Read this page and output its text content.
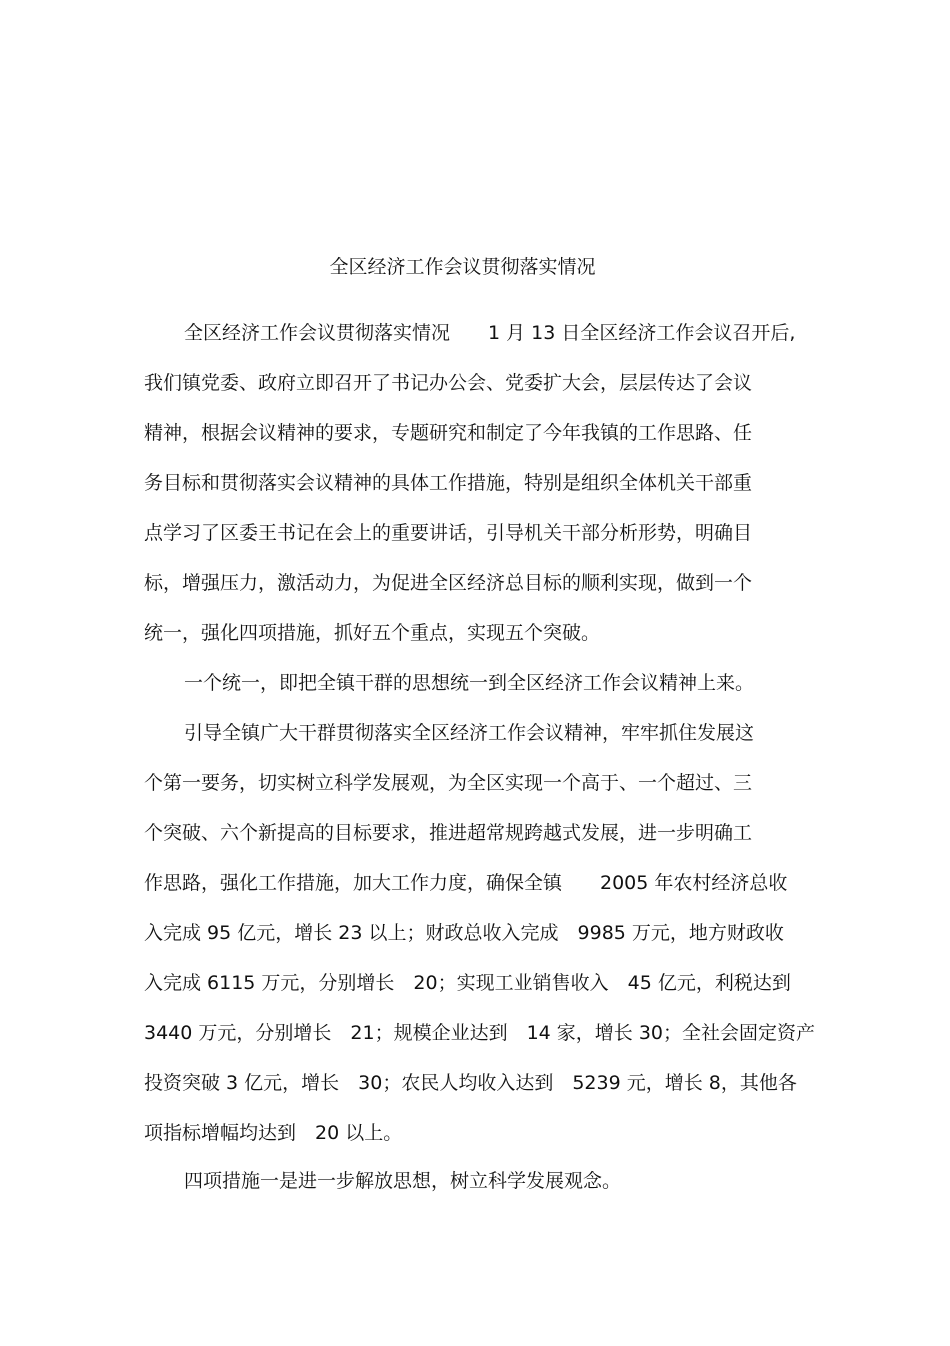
全区经济工作会议贯彻落实情况
全区经济工作会议贯彻落实情况　　1 月 13 日全区经济工作会议召开后,
我们镇党委、政府立即召开了书记办公会、党委扩大会，层层传达了会议
精神，根据会议精神的要求，专题研究和制定了今年我镇的工作思路、任
务目标和贯彻落实会议精神的具体工作措施，特别是组织全体机关干部重
点学习了区委王书记在会上的重要讲话，引导机关干部分析形势，明确目
标，增强压力，激活动力，为促进全区经济总目标的顺利实现，做到一个
统一，强化四项措施，抓好五个重点，实现五个突破。
一个统一，即把全镇干群的思想统一到全区经济工作会议精神上来。
引导全镇广大干群贯彻落实全区经济工作会议精神，牢牢抓住发展这
个第一要务，切实树立科学发展观，为全区实现一个高于、一个超过、三
个突破、六个新提高的目标要求，推进超常规跨越式发展，进一步明确工
作思路，强化工作措施，加大工作力度，确保全镇　　2005 年农村经济总收
入完成 95 亿元，增长 23 以上；财政总收入完成　9985 万元，地方财政收
入完成 6115 万元，分别增长　20；实现工业销售收入　45 亿元，利税达到
3440 万元，分别增长　21；规模企业达到　14 家，增长 30；全社会固定资产
投资突破 3 亿元，增长　30；农民人均收入达到　5239 元，增长 8，其他各
项指标增幅均达到　20 以上。
四项措施一是进一步解放思想，树立科学发展观念。
